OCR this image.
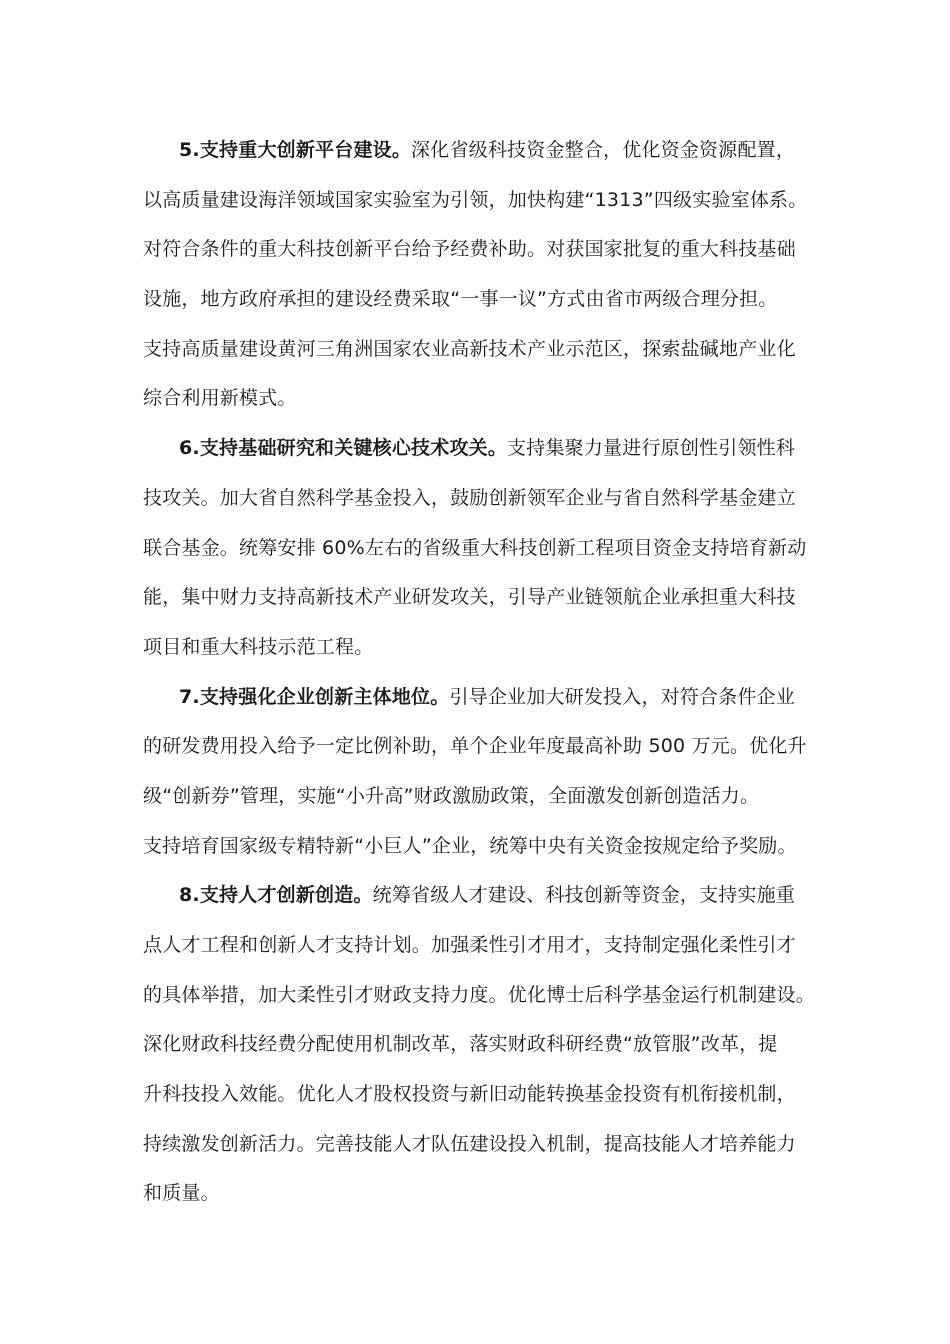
5.支持重大创新平台建设。深化省级科技资金整合，优化资金资源配置，
以高质量建设海洋领域国家实验室为引领，加快构建“1313”四级实验室体系。
对符合条件的重大科技创新平台给予经费补助。对获国家批复的重大科技基础
设施，地方政府承担的建设经费采取“一事一议”方式由省市两级合理分担。
支持高质量建设黄河三角洲国家农业高新技术产业示范区，探索盐碱地产业化
综合利用新模式。
6.支持基础研究和关键核心技术攻关。支持集聚力量进行原创性引领性科
技攻关。加大省自然科学基金投入，鼓励创新领军企业与省自然科学基金建立
联合基金。统筹安排 60%左右的省级重大科技创新工程项目资金支持培育新动
能，集中财力支持高新技术产业研发攻关，引导产业链领航企业承担重大科技
项目和重大科技示范工程。
7.支持强化企业创新主体地位。引导企业加大研发投入，对符合条件企业
的研发费用投入给予一定比例补助，单个企业年度最高补助 500 万元。优化升
级“创新券”管理，实施“小升高”财政激励政策，全面激发创新创造活力。
支持培育国家级专精特新“小巨人”企业，统筹中央有关资金按规定给予奖励。
8.支持人才创新创造。统筹省级人才建设、科技创新等资金，支持实施重
点人才工程和创新人才支持计划。加强柔性引才用才，支持制定强化柔性引才
的具体举措，加大柔性引才财政支持力度。优化博士后科学基金运行机制建设。
深化财政科技经费分配使用机制改革，落实财政科研经费“放管服”改革，提
升科技投入效能。优化人才股权投资与新旧动能转换基金投资有机衔接机制，
持续激发创新活力。完善技能人才队伍建设投入机制，提高技能人才培养能力
和质量。
